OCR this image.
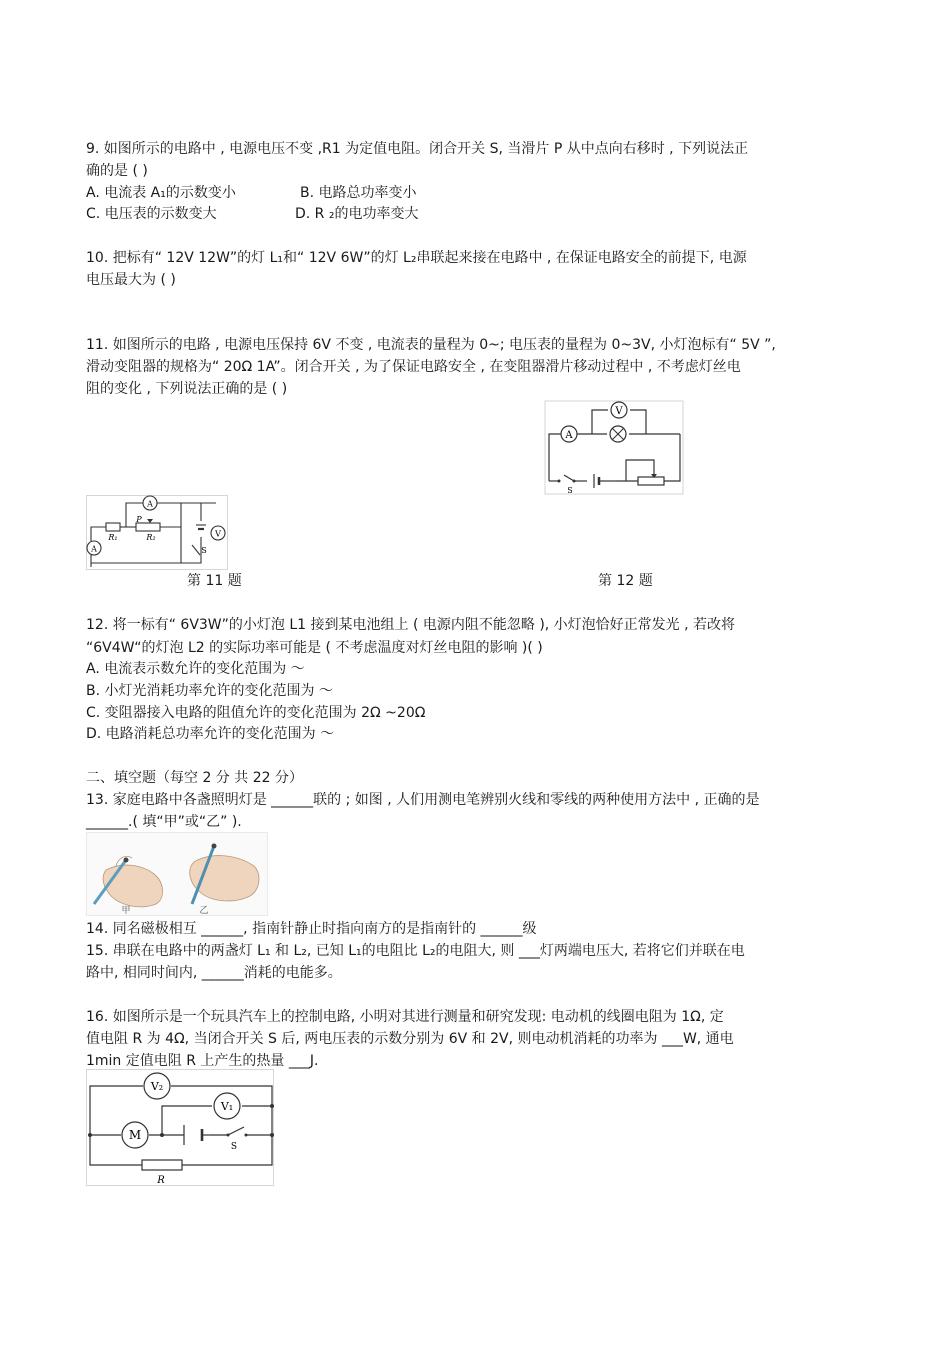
9. 如图所示的电路中 , 电源电压不变 ,R1 为定值电阻。闭合开关 S, 当滑片 P 从中点向右移时 , 下列说法正
确的是 ( )
A. 电流表 A₁的示数变小	B. 电路总功率变小
C. 电压表的示数变大	D. R ₂的电功率变大
10. 把标有“ 12V 12W”的灯 L₁和“ 12V 6W”的灯 L₂串联起来接在电路中 , 在保证电路安全的前提下, 电源
电压最大为 ( )
11. 如图所示的电路 , 电源电压保持 6V 不变 , 电流表的量程为 0~; 电压表的量程为 0~3V, 小灯泡标有“ 5V ”,
滑动变阻器的规格为“ 20Ω 1A”。闭合开关 , 为了保证电路安全 , 在变阻器滑片移动过程中 , 不考虑灯丝电
阻的变化 , 下列说法正确的是 ( )
A
V
S
A
A
V
R₁	R₂
P
S
第 11 题	第 12 题
12. 将一标有“ 6V3W”的小灯泡 L1 接到某电池组上 ( 电源内阻不能忽略 ), 小灯泡恰好正常发光 , 若改将
“6V4W“的灯泡 L2 的实际功率可能是 ( 不考虑温度对灯丝电阻的影响 )( )
A. 电流表示数允许的变化范围为 ～
B. 小灯光消耗功率允许的变化范围为 ～
C. 变阻器接入电路的阻值允许的变化范围为 2Ω ~20Ω
D. 电路消耗总功率允许的变化范围为 ～
二、填空题（每空 2 分 共 22 分）
13. 家庭电路中各盏照明灯是 ______联的 ; 如图 , 人们用测电笔辨别火线和零线的两种使用方法中 , 正确的是
______.( 填“甲”或“乙” ).
甲	乙
14. 同名磁极相互 ______, 指南针静止时指向南方的是指南针的 ______级
15. 串联在电路中的两盏灯 L₁ 和 L₂, 已知 L₁的电阻比 L₂的电阻大, 则 ___灯两端电压大, 若将它们并联在电
路中, 相同时间内, ______消耗的电能多。
16. 如图所示是一个玩具汽车上的控制电路, 小明对其进行测量和研究发现: 电动机的线圈电阻为 1Ω, 定
值电阻 R 为 4Ω, 当闭合开关 S 后, 两电压表的示数分别为 6V 和 2V, 则电动机消耗的功率为 ___W, 通电
1min 定值电阻 R 上产生的热量 ___J.
S
M
V₂
V₁
R
